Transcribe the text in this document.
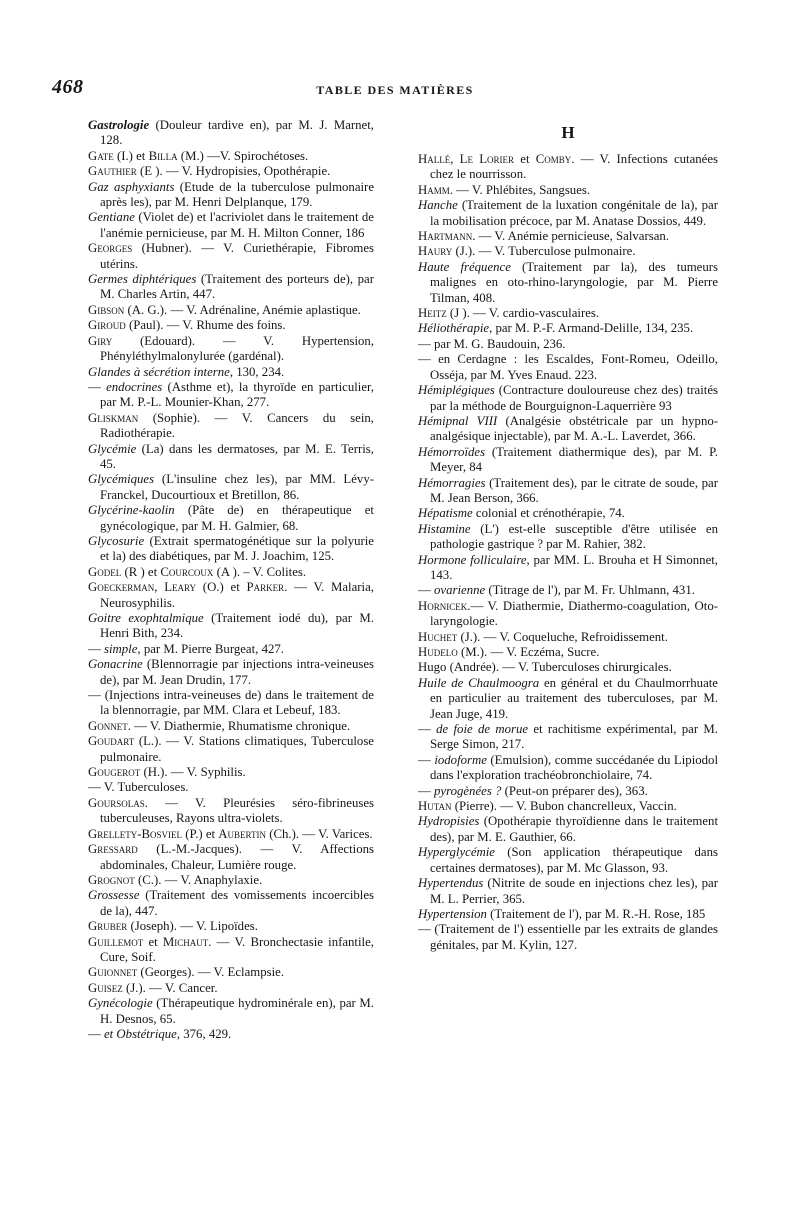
468	TABLE DES MATIÈRES

Gastrologie (Douleur tardive en), par M. J. Marnet, 128.

Gate (I.) et Billa (M.) —V. Spirochétoses.

Gauthier (E ). — V. Hydropisies, Opothérapie.

Gaz asphyxiants (Etude de la tuberculose pulmonaire après les), par M. Henri Delplanque, 179.

Gentiane (Violet de) et l'acriviolet dans le traitement de l'anémie pernicieuse, par M. H. Milton Conner, 186

Georges (Hubner). — V. Curiethérapie, Fibromes utérins.

Germes diphtériques (Traitement des porteurs de), par M. Charles Artin, 447.

Gibson (A. G.). — V. Adrénaline, Anémie aplastique.

Giroud (Paul). — V. Rhume des foins.

Giry (Edouard). — V. Hypertension, Phényléthylmalonylurée (gardénal).

Glandes à sécrétion interne, 130, 234.

— endocrines (Asthme et), la thyroïde en particulier, par M. P.-L. Mounier-Khan, 277.

Gliskman (Sophie). — V. Cancers du sein, Radiothérapie.

Glycémie (La) dans les dermatoses, par M. E. Terris, 45.

Glycémiques (L'insuline chez les), par MM. Lévy-Franckel, Ducourtioux et Bretillon, 86.

Glycérine-kaolin (Pâte de) en thérapeutique et gynécologique, par M. H. Galmier, 68.

Glycosurie (Extrait spermatogénétique sur la polyurie et la) des diabétiques, par M. J. Joachim, 125.

Godel (R ) et Courcoux (A ). – V. Colites.

Goeckerman, Leary (O.) et Parker. — V. Malaria, Neurosyphilis.

Goitre exophtalmique (Traitement iodé du), par M. Henri Bith, 234.

— simple, par M. Pierre Burgeat, 427.

Gonacrine (Blennorragie par injections intra-veineuses de), par M. Jean Drudin, 177.

— (Injections intra-veineuses de) dans le traitement de la blennorragie, par MM. Clara et Lebeuf, 183.

Gonnet. — V. Diathermie, Rhumatisme chronique.

Goudart (L.). — V. Stations climatiques, Tuberculose pulmonaire.

Gougerot (H.). — V. Syphilis.

— V. Tuberculoses.

Goursolas. — V. Pleurésies séro-fibrineuses tuberculeuses, Rayons ultra-violets.

Grellety-Bosviel (P.) et Aubertin (Ch.). — V. Varices.

Gressard (L.-M.-Jacques). — V. Affections abdominales, Chaleur, Lumière rouge.

Grognot (C.). — V. Anaphylaxie.

Grossesse (Traitement des vomissements incoercibles de la), 447.

Gruber (Joseph). — V. Lipoïdes.

Guillemot et Michaut. — V. Bronchectasie infantile, Cure, Soif.

Guionnet (Georges). — V. Eclampsie.

Guisez (J.). — V. Cancer.

Gynécologie (Thérapeutique hydrominérale en), par M. H. Desnos, 65.

— et Obstétrique, 376, 429.

H

Hallé, Le Lorier et Comby. — V. Infections cutanées chez le nourrisson.

Hamm. — V. Phlébites, Sangsues.

Hanche (Traitement de la luxation congénitale de la), par la mobilisation précoce, par M. Anatase Dossios, 449.

Hartmann. — V. Anémie pernicieuse, Salvarsan.

Haury (J.). — V. Tuberculose pulmonaire.

Haute fréquence (Traitement par la), des tumeurs malignes en oto-rhino-laryngologie, par M. Pierre Tilman, 408.

Heitz (J ). — V. cardio-vasculaires.

Héliothérapie, par M. P.-F. Armand-Delille, 134, 235.

— par M. G. Baudouin, 236.

— en Cerdagne : les Escaldes, Font-Romeu, Odeillo, Osséja, par M. Yves Enaud. 223.

Hémiplégiques (Contracture douloureuse chez des) traités par la méthode de Bourguignon-Laquerrière 93

Hémipnal VIII (Analgésie obstétricale par un hypno-analgésique injectable), par M. A.-L. Laverdet, 366.

Hémorroïdes (Traitement diathermique des), par M. P. Meyer, 84

Hémorragies (Traitement des), par le citrate de soude, par M. Jean Berson, 366.

Hépatisme colonial et crénothérapie, 74.

Histamine (L') est-elle susceptible d'être utilisée en pathologie gastrique ? par M. Rahier, 382.

Hormone folliculaire, par MM. L. Brouha et H Simonnet, 143.

— ovarienne (Titrage de l'), par M. Fr. Uhlmann, 431.

Hornicek.— V. Diathermie, Diathermo-coagulation, Oto-laryngologie.

Huchet (J.). — V. Coqueluche, Refroidissement.

Hudelo (M.). — V. Eczéma, Sucre.

Hugo (Andrée). — V. Tuberculoses chirurgicales.

Huile de Chaulmoogra en général et du Chaulmorrhuate en particulier au traitement des tuberculoses, par M. Jean Juge, 419.

— de foie de morue et rachitisme expérimental, par M. Serge Simon, 217.

— iodoforme (Emulsion), comme succédanée du Lipiodol dans l'exploration trachéobronchiolaire, 74.

— pyrogènées ? (Peut-on préparer des), 363.

Hutan (Pierre). — V. Bubon chancrelleux, Vaccin.

Hydropisies (Opothérapie thyroïdienne dans le traitement des), par M. E. Gauthier, 66.

Hyperglycémie (Son application thérapeutique dans certaines dermatoses), par M. Mc Glasson, 93.

Hypertendus (Nitrite de soude en injections chez les), par M. L. Perrier, 365.

Hypertension (Traitement de l'), par M. R.-H. Rose, 185

— (Traitement de l') essentielle par les extraits de glandes génitales, par M. Kylin, 127.
